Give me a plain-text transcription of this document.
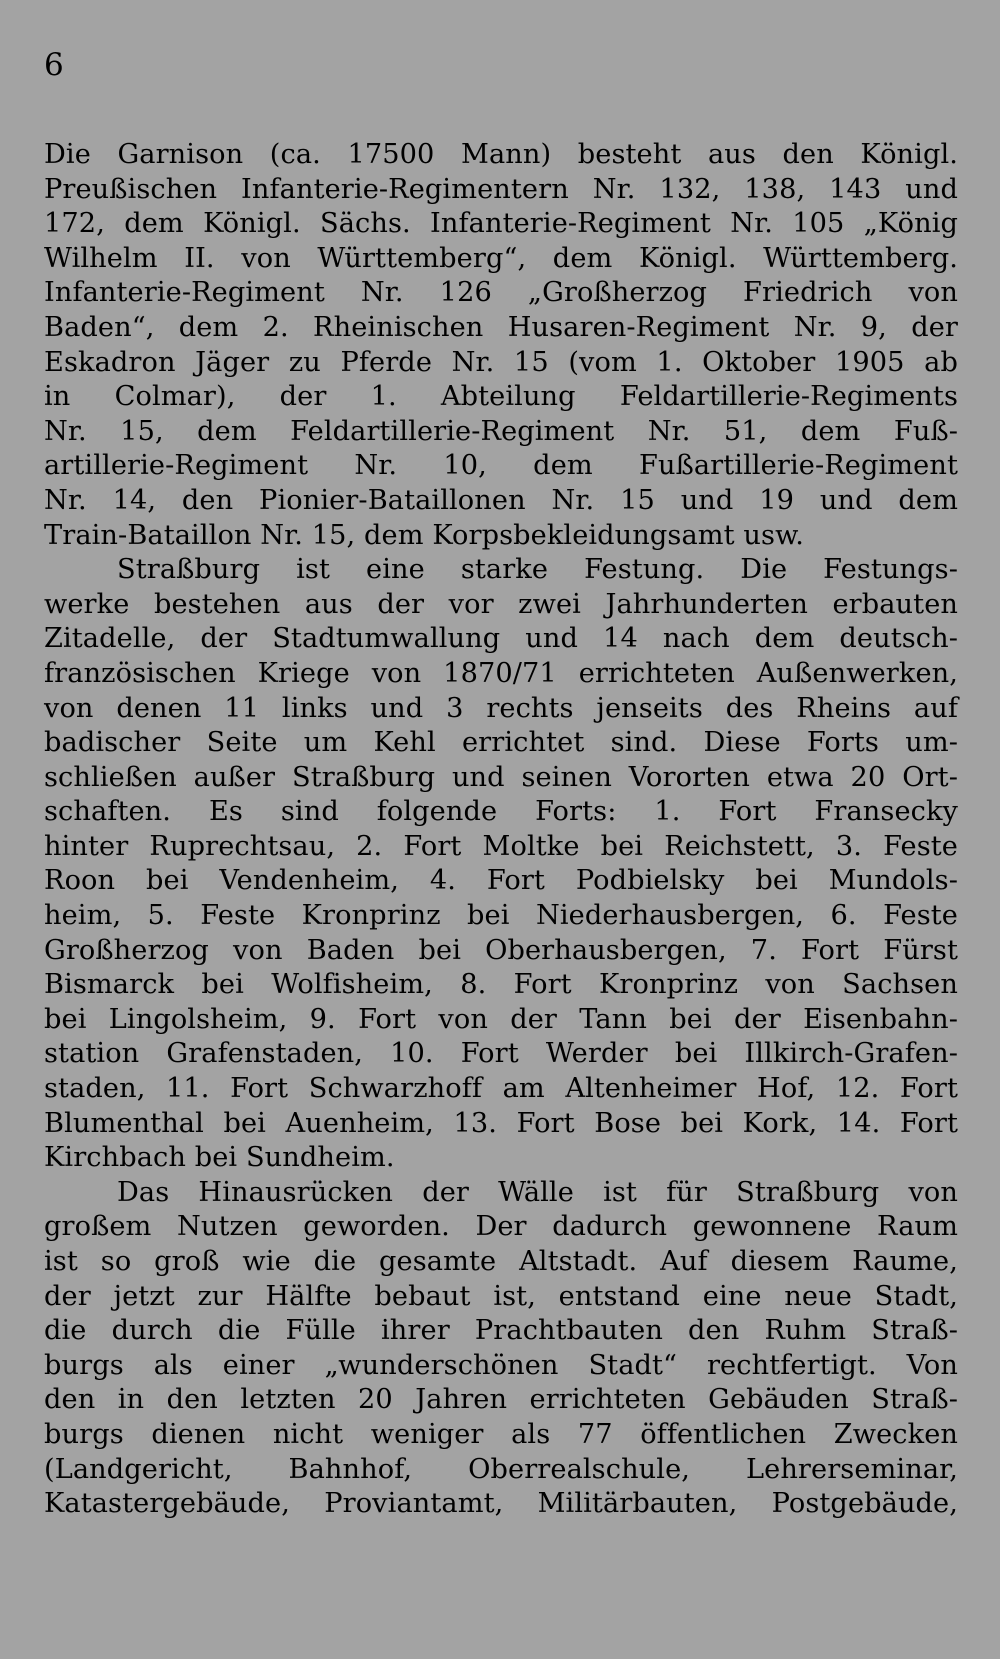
6
Die Garnison (ca. 17500 Mann) besteht aus den Königl.
Preußischen Infanterie-Regimentern Nr. 132, 138, 143 und
172, dem Königl. Sächs. Infanterie-Regiment Nr. 105 „König
Wilhelm II. von Württemberg“, dem Königl. Württemberg.
Infanterie-Regiment Nr. 126 „Großherzog Friedrich von
Baden“, dem 2. Rheinischen Husaren-Regiment Nr. 9, der
Eskadron Jäger zu Pferde Nr. 15 (vom 1. Oktober 1905 ab
in Colmar), der 1. Abteilung Feldartillerie-Regiments
Nr. 15, dem Feldartillerie-Regiment Nr. 51, dem Fuß-
artillerie-Regiment Nr. 10, dem Fußartillerie-Regiment
Nr. 14, den Pionier-Bataillonen Nr. 15 und 19 und dem
Train-Bataillon Nr. 15, dem Korpsbekleidungsamt usw.
Straßburg ist eine starke Festung. Die Festungs-
werke bestehen aus der vor zwei Jahrhunderten erbauten
Zitadelle, der Stadtumwallung und 14 nach dem deutsch-
französischen Kriege von 1870/71 errichteten Außenwerken,
von denen 11 links und 3 rechts jenseits des Rheins auf
badischer Seite um Kehl errichtet sind. Diese Forts um-
schließen außer Straßburg und seinen Vororten etwa 20 Ort-
schaften. Es sind folgende Forts: 1. Fort Fransecky
hinter Ruprechtsau, 2. Fort Moltke bei Reichstett, 3. Feste
Roon bei Vendenheim, 4. Fort Podbielsky bei Mundols-
heim, 5. Feste Kronprinz bei Niederhausbergen, 6. Feste
Großherzog von Baden bei Oberhausbergen, 7. Fort Fürst
Bismarck bei Wolfisheim, 8. Fort Kronprinz von Sachsen
bei Lingolsheim, 9. Fort von der Tann bei der Eisenbahn-
station Grafenstaden, 10. Fort Werder bei Illkirch-Grafen-
staden, 11. Fort Schwarzhoff am Altenheimer Hof, 12. Fort
Blumenthal bei Auenheim, 13. Fort Bose bei Kork, 14. Fort
Kirchbach bei Sundheim.
Das Hinausrücken der Wälle ist für Straßburg von
großem Nutzen geworden. Der dadurch gewonnene Raum
ist so groß wie die gesamte Altstadt. Auf diesem Raume,
der jetzt zur Hälfte bebaut ist, entstand eine neue Stadt,
die durch die Fülle ihrer Prachtbauten den Ruhm Straß-
burgs als einer „wunderschönen Stadt“ rechtfertigt. Von
den in den letzten 20 Jahren errichteten Gebäuden Straß-
burgs dienen nicht weniger als 77 öffentlichen Zwecken
(Landgericht, Bahnhof, Oberrealschule, Lehrerseminar,
Katastergebäude, Proviantamt, Militärbauten, Postgebäude,
